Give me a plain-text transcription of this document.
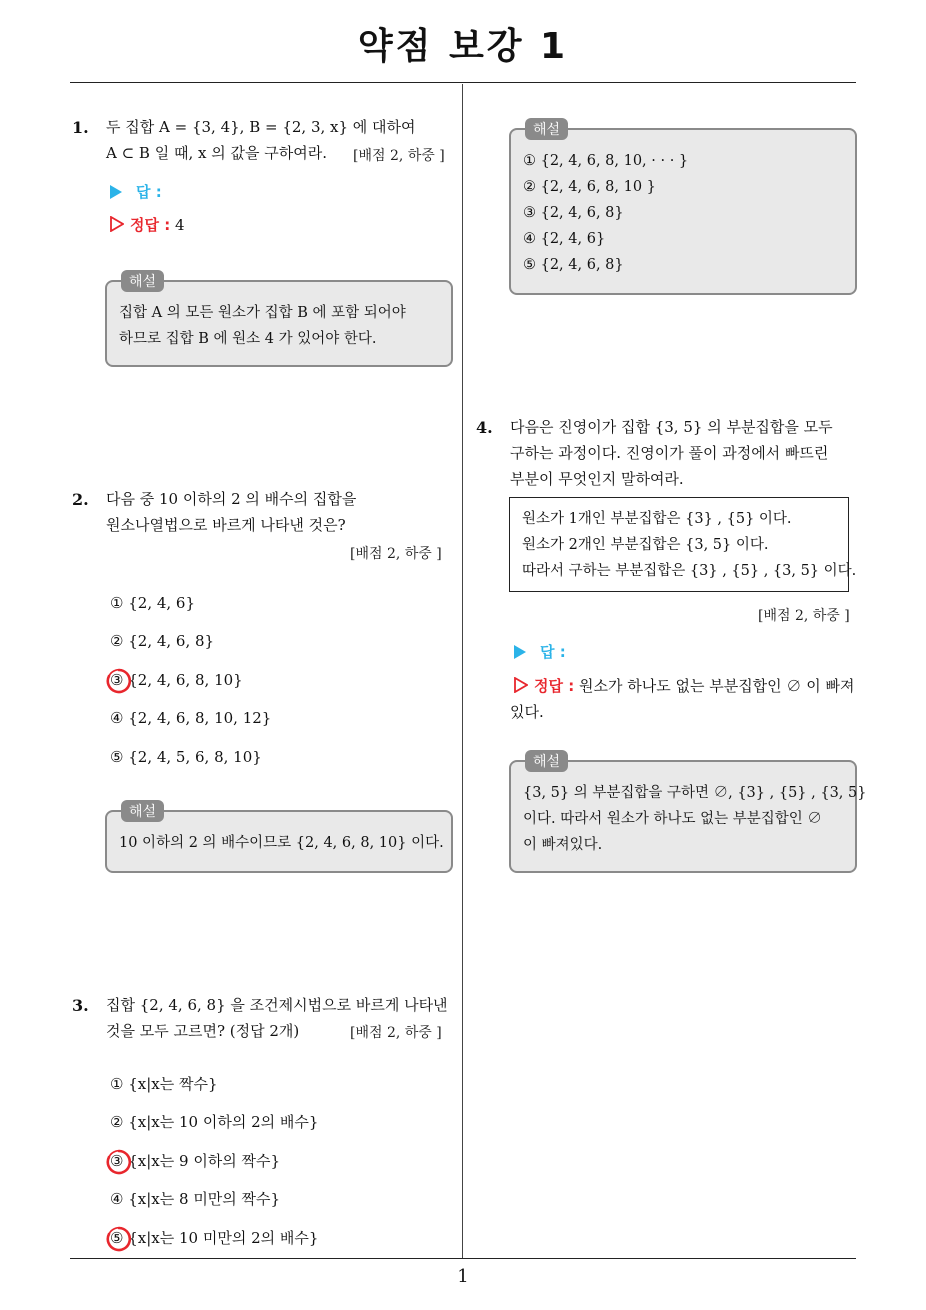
약점 보강 1
1
1. 두 집합 A = {3, 4}, B = {2, 3, x} 에 대하여
A ⊂ B 일 때, x 의 값을 구하여라. [배점 2, 하중 ]
답 :
정답 : 4
해설
집합 A 의 모든 원소가 집합 B 에 포함 되어야
하므로 집합 B 에 원소 4 가 있어야 한다.
2. 다음 중 10 이하의 2 의 배수의 집합을
원소나열법으로 바르게 나타낸 것은?
[배점 2, 하중 ]
① {2, 4, 6}
② {2, 4, 6, 8}
③ {2, 4, 6, 8, 10}
④ {2, 4, 6, 8, 10, 12}
⑤ {2, 4, 5, 6, 8, 10}
해설
10 이하의 2 의 배수이므로 {2, 4, 6, 8, 10} 이다.
3. 집합 {2, 4, 6, 8} 을 조건제시법으로 바르게 나타낸
것을 모두 고르면? (정답 2개)	[배점 2, 하중 ]
① {x|x는 짝수}
② {x|x는 10 이하의 2의 배수}
③ {x|x는 9 이하의 짝수}
④ {x|x는 8 미만의 짝수}
⑤ {x|x는 10 미만의 2의 배수}
해설
① {2, 4, 6, 8, 10, · · · }
② {2, 4, 6, 8, 10 }
③ {2, 4, 6, 8}
④ {2, 4, 6}
⑤ {2, 4, 6, 8}
4. 다음은 진영이가 집합 {3, 5} 의 부분집합을 모두
구하는 과정이다. 진영이가 풀이 과정에서 빠뜨린
부분이 무엇인지 말하여라.
원소가 1개인 부분집합은 {3} , {5} 이다.
원소가 2개인 부분집합은 {3, 5} 이다.
따라서 구하는 부분집합은 {3} , {5} , {3, 5} 이다.
[배점 2, 하중 ]
답 :
정답 : 원소가 하나도 없는 부분집합인 ∅ 이 빠져
있다.
해설
{3, 5} 의 부분집합을 구하면 ∅, {3} , {5} , {3, 5}
이다. 따라서 원소가 하나도 없는 부분집합인 ∅
이 빠져있다.
